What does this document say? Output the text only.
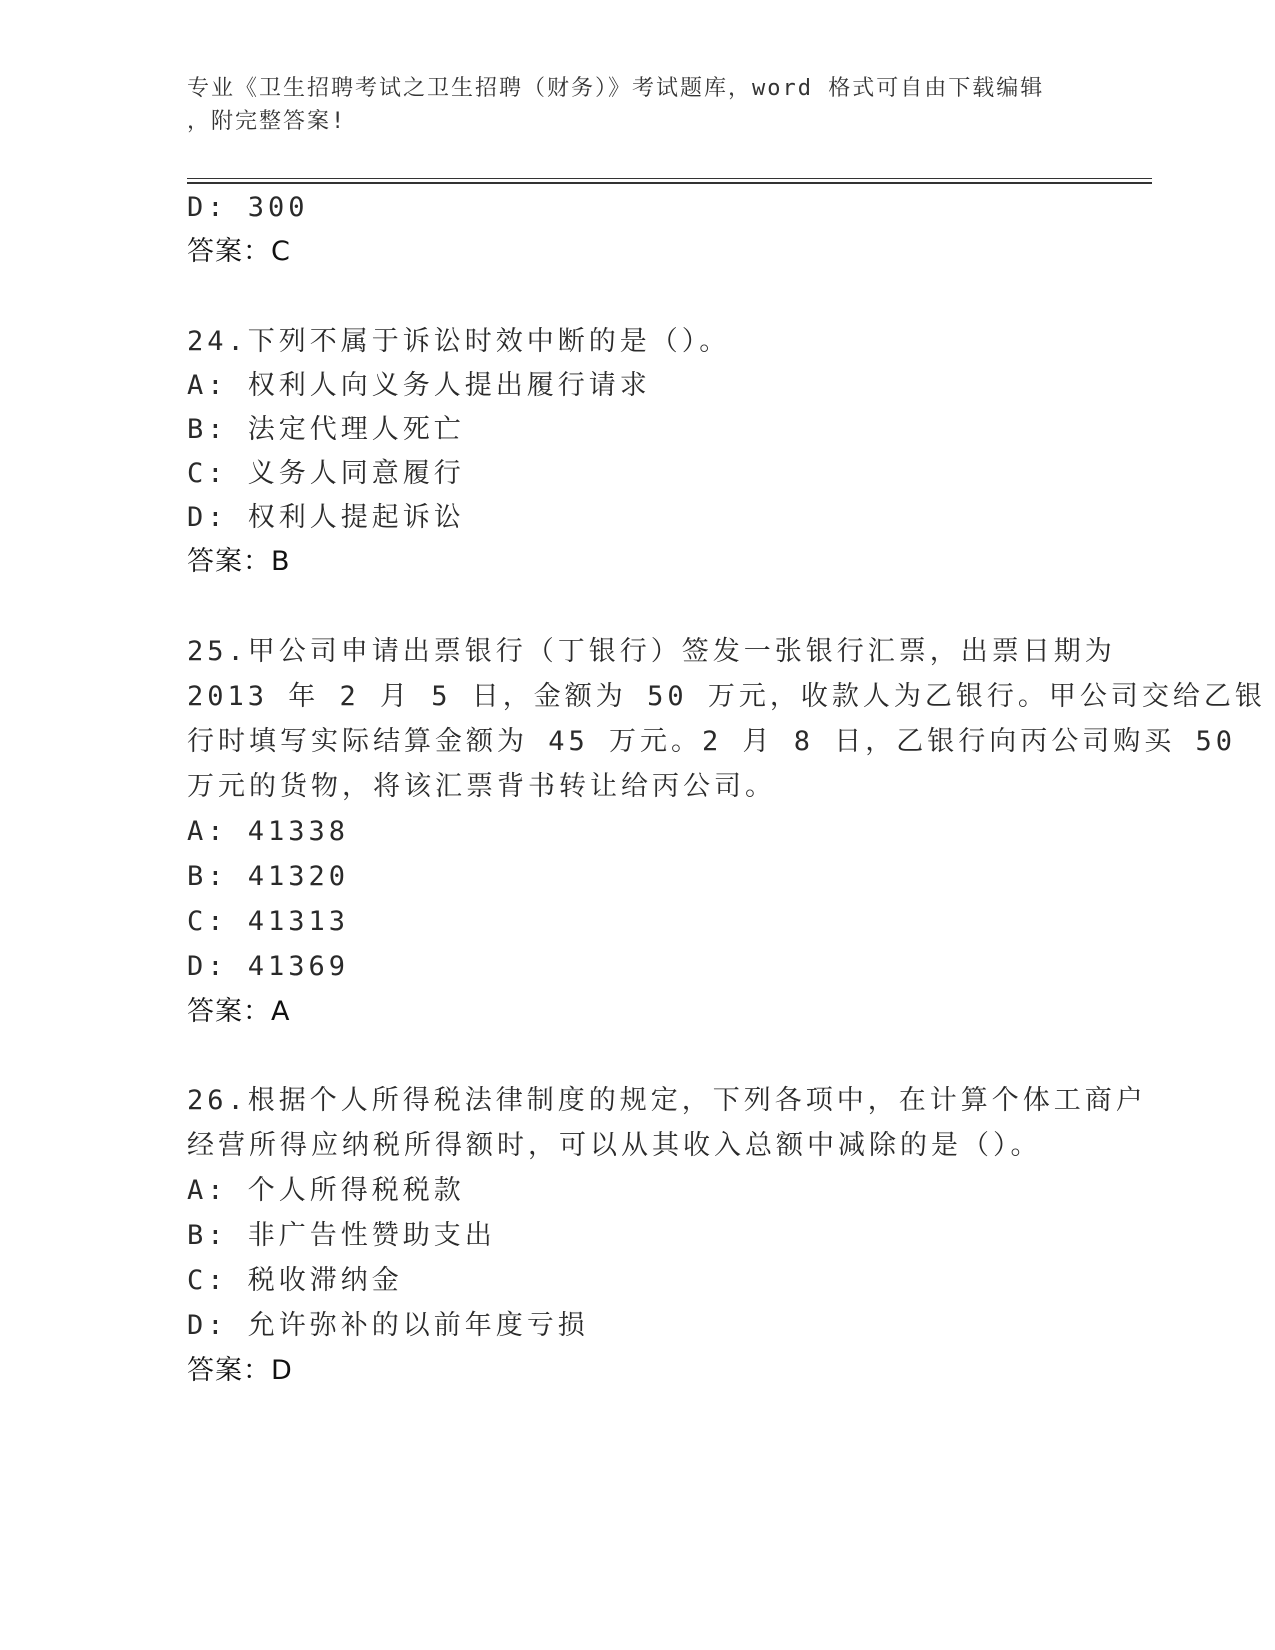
专业《卫生招聘考试之卫生招聘（财务）》考试题库，word 格式可自由下载编辑
，附完整答案!
D: 300
答案：C
24.下列不属于诉讼时效中断的是（）。
A: 权利人向义务人提出履行请求
B: 法定代理人死亡
C: 义务人同意履行
D: 权利人提起诉讼
答案：B
25.甲公司申请出票银行（丁银行）签发一张银行汇票，出票日期为
2013 年 2 月 5 日，金额为 50 万元，收款人为乙银行。甲公司交给乙银
行时填写实际结算金额为 45 万元。2 月 8 日，乙银行向丙公司购买 50
万元的货物，将该汇票背书转让给丙公司。
A: 41338
B: 41320
C: 41313
D: 41369
答案：A
26.根据个人所得税法律制度的规定，下列各项中，在计算个体工商户
经营所得应纳税所得额时，可以从其收入总额中减除的是（）。
A: 个人所得税税款
B: 非广告性赞助支出
C: 税收滞纳金
D: 允许弥补的以前年度亏损
答案：D
